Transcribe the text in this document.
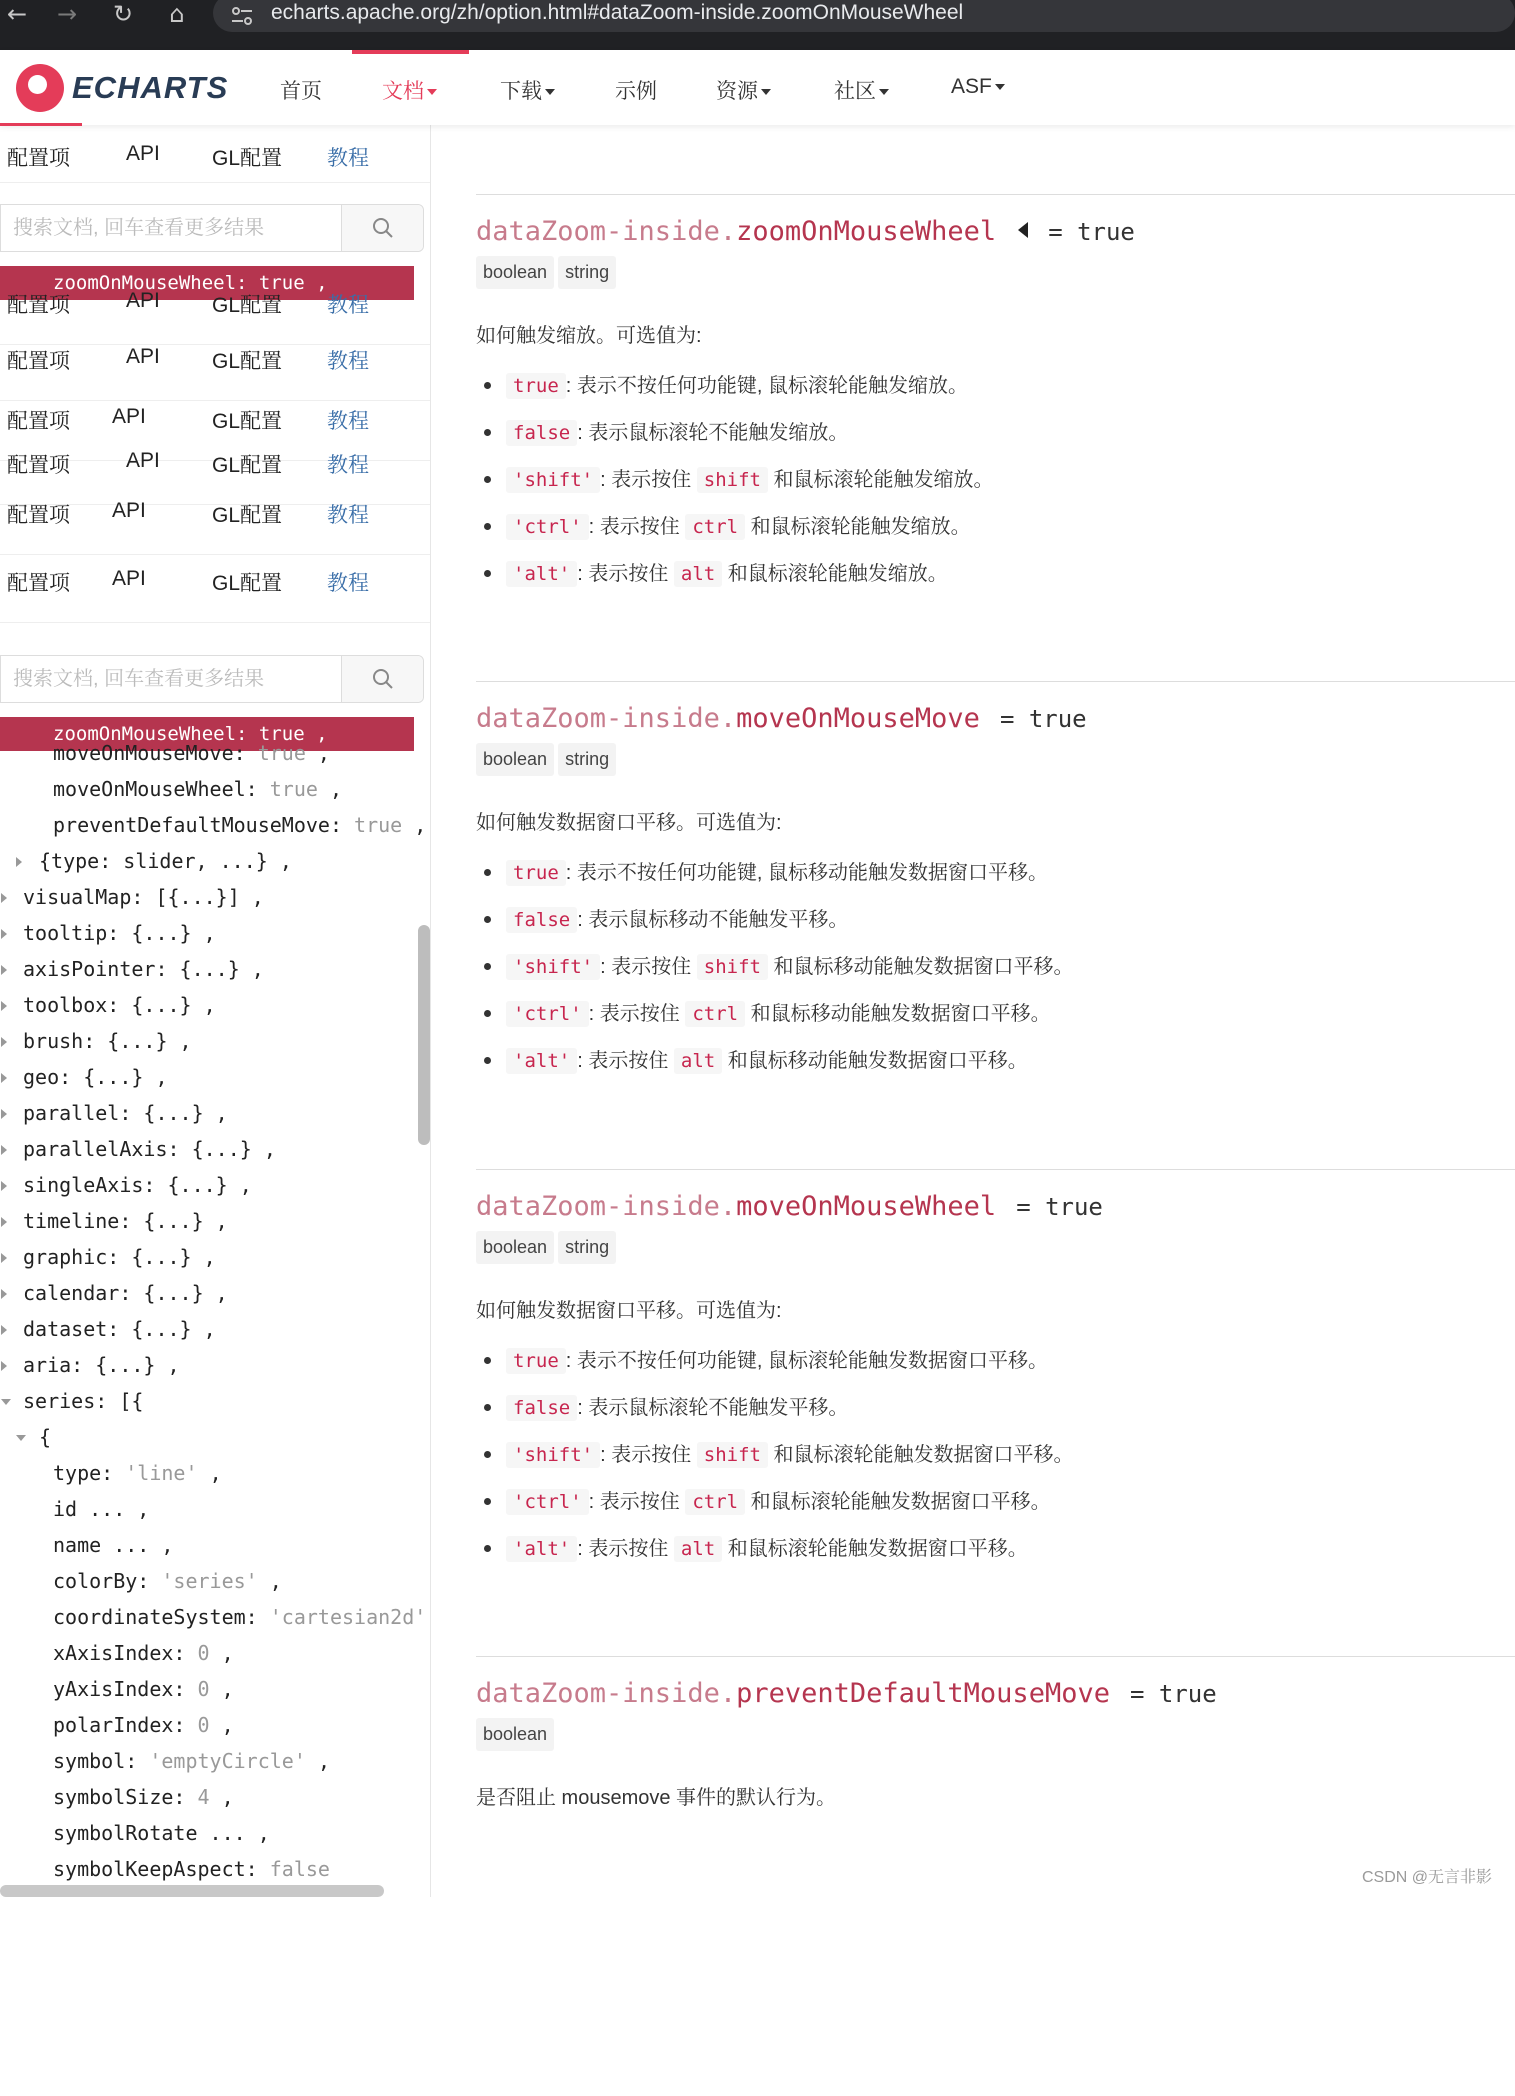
← → ↻	⌂	echarts.apache.org/zh/option.html#dataZoom-inside.zoomOnMouseWheel
ECHARTS 首页	文档	下载	示例	资源	社区	ASF
配置项	API GL配置 教程
搜索文档, 回车查看更多结果
zoomOnMouseWheel: true ,
配置项	API GL配置 教程
配置项	API GL配置 教程
配置项 API	GL配置 教程
配置项	API GL配置 教程
配置项 API	GL配置 教程
配置项 API	GL配置 教程
搜索文档, 回车查看更多结果
zoomOnMouseWheel: true ,
moveOnMouseMove: true ,
moveOnMouseWheel: true ,
preventDefaultMouseMove: true ,
{type: slider, ...} ,
visualMap: [{...}] ,
tooltip: {...} ,
axisPointer: {...} ,
toolbox: {...} ,
brush: {...} ,
geo: {...} ,
parallel: {...} ,
parallelAxis: {...} ,
singleAxis: {...} ,
timeline: {...} ,
graphic: {...} ,
calendar: {...} ,
dataset: {...} ,
aria: {...} ,
series: [{
{
type: 'line' ,
id ... ,
name ... ,
colorBy: 'series' ,
coordinateSystem: 'cartesian2d'
xAxisIndex: 0 ,
yAxisIndex: 0 ,
polarIndex: 0 ,
symbol: 'emptyCircle' ,
symbolSize: 4 ,
symbolRotate ... ,
symbolKeepAspect: false
dataZoom-inside.zoomOnMouseWheel = true
boolean string
如何触发缩放。可选值为:
true : 表示不按任何功能键, 鼠标滚轮能触发缩放。
false : 表示鼠标滚轮不能触发缩放。
'shift' : 表示按住 shift 和鼠标滚轮能触发缩放。
'ctrl' : 表示按住 ctrl 和鼠标滚轮能触发缩放。
'alt' : 表示按住 alt 和鼠标滚轮能触发缩放。
dataZoom-inside.moveOnMouseMove = true
boolean string
如何触发数据窗口平移。可选值为:
true : 表示不按任何功能键, 鼠标移动能触发数据窗口平移。
false : 表示鼠标移动不能触发平移。
'shift' : 表示按住 shift 和鼠标移动能触发数据窗口平移。
'ctrl' : 表示按住 ctrl 和鼠标移动能触发数据窗口平移。
'alt' : 表示按住 alt 和鼠标移动能触发数据窗口平移。
dataZoom-inside.moveOnMouseWheel = true
boolean string
如何触发数据窗口平移。可选值为:
true : 表示不按任何功能键, 鼠标滚轮能触发数据窗口平移。
false : 表示鼠标滚轮不能触发平移。
'shift' : 表示按住 shift 和鼠标滚轮能触发数据窗口平移。
'ctrl' : 表示按住 ctrl 和鼠标滚轮能触发数据窗口平移。
'alt' : 表示按住 alt 和鼠标滚轮能触发数据窗口平移。
dataZoom-inside.preventDefaultMouseMove = true
boolean
是否阻止 mousemove 事件的默认行为。
CSDN @无言非影
